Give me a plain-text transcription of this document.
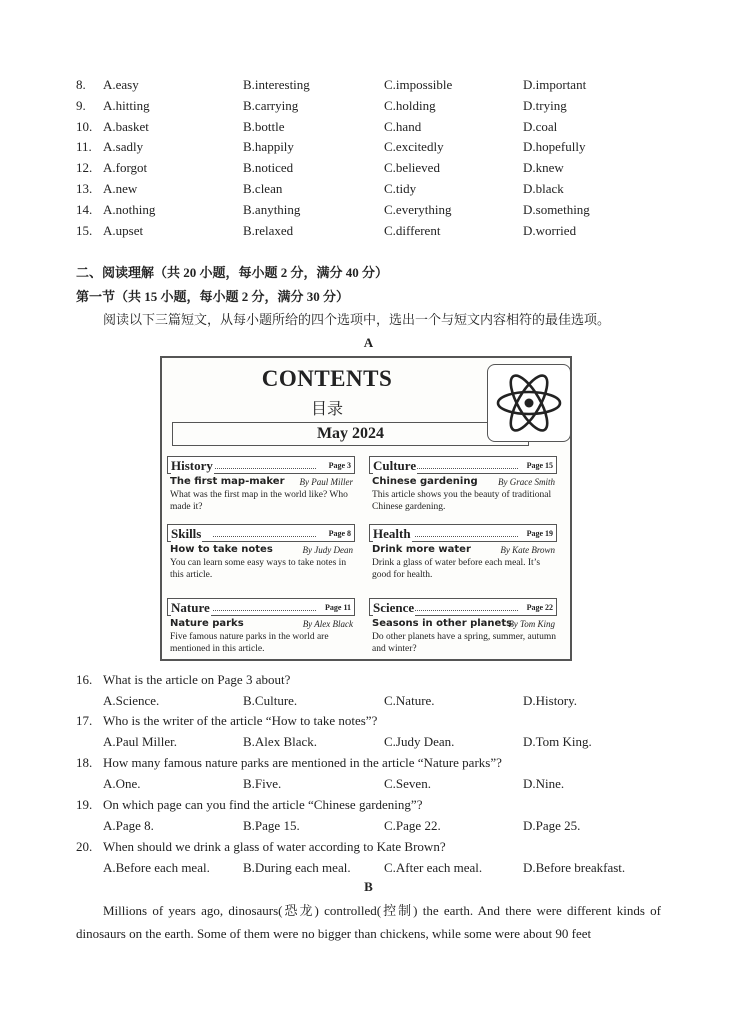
8. A.easy	B.interesting	C.impossible	D.important
9. A.hitting	B.carrying	C.holding	D.trying
10. A.basket	B.bottle	C.hand	D.coal
11. A.sadly	B.happily	C.excitedly	D.hopefully
12. A.forgot	B.noticed	C.believed	D.knew
13. A.new	B.clean	C.tidy	D.black
14. A.nothing	B.anything	C.everything	D.something
15. A.upset	B.relaxed	C.different	D.worried
二、阅读理解（共 20 小题，每小题 2 分，满分 40 分）
第一节（共 15 小题，每小题 2 分，满分 30 分）
阅读以下三篇短文，从每小题所给的四个选项中，选出一个与短文内容相符的最佳选项。
A
CONTENTS
目录
May 2024
History	Page 3
The first map-maker By Paul Miller
What was the first map in the world like? Who made it?
Culture	Page 15
Chinese gardening By Grace Smith
This article shows you the beauty of traditional Chinese gardening.
Skills	Page 8
How to take notes	By Judy Dean
You can learn some easy ways to take notes in this article.
Health	Page 19
Drink more water	By Kate Brown
Drink a glass of water before each meal. It’s good for health.
Nature	Page 11
Nature parks	By Alex Black
Five famous nature parks in the world are mentioned in this article.
Science	Page 22
Seasons in other planets
By Tom King
Do other planets have a spring, summer, autumn and winter?
16. What is the article on Page 3 about?
A.Science.	B.Culture.	C.Nature.	D.History.
17. Who is the writer of the article “How to take notes”?
A.Paul Miller.	B.Alex Black.	C.Judy Dean.	D.Tom King.
18. How many famous nature parks are mentioned in the article “Nature parks”?
A.One.	B.Five.	C.Seven.	D.Nine.
19. On which page can you find the article “Chinese gardening”?
A.Page 8.	B.Page 15.	C.Page 22.	D.Page 25.
20. When should we drink a glass of water according to Kate Brown?
A.Before each meal.	B.During each meal.	C.After each meal.	D.Before breakfast.
B
Millions of years ago, dinosaurs(恐龙) controlled(控制) the earth. And there were different kinds of dinosaurs on the earth. Some of them were no bigger than chickens, while some were about 90 feet
